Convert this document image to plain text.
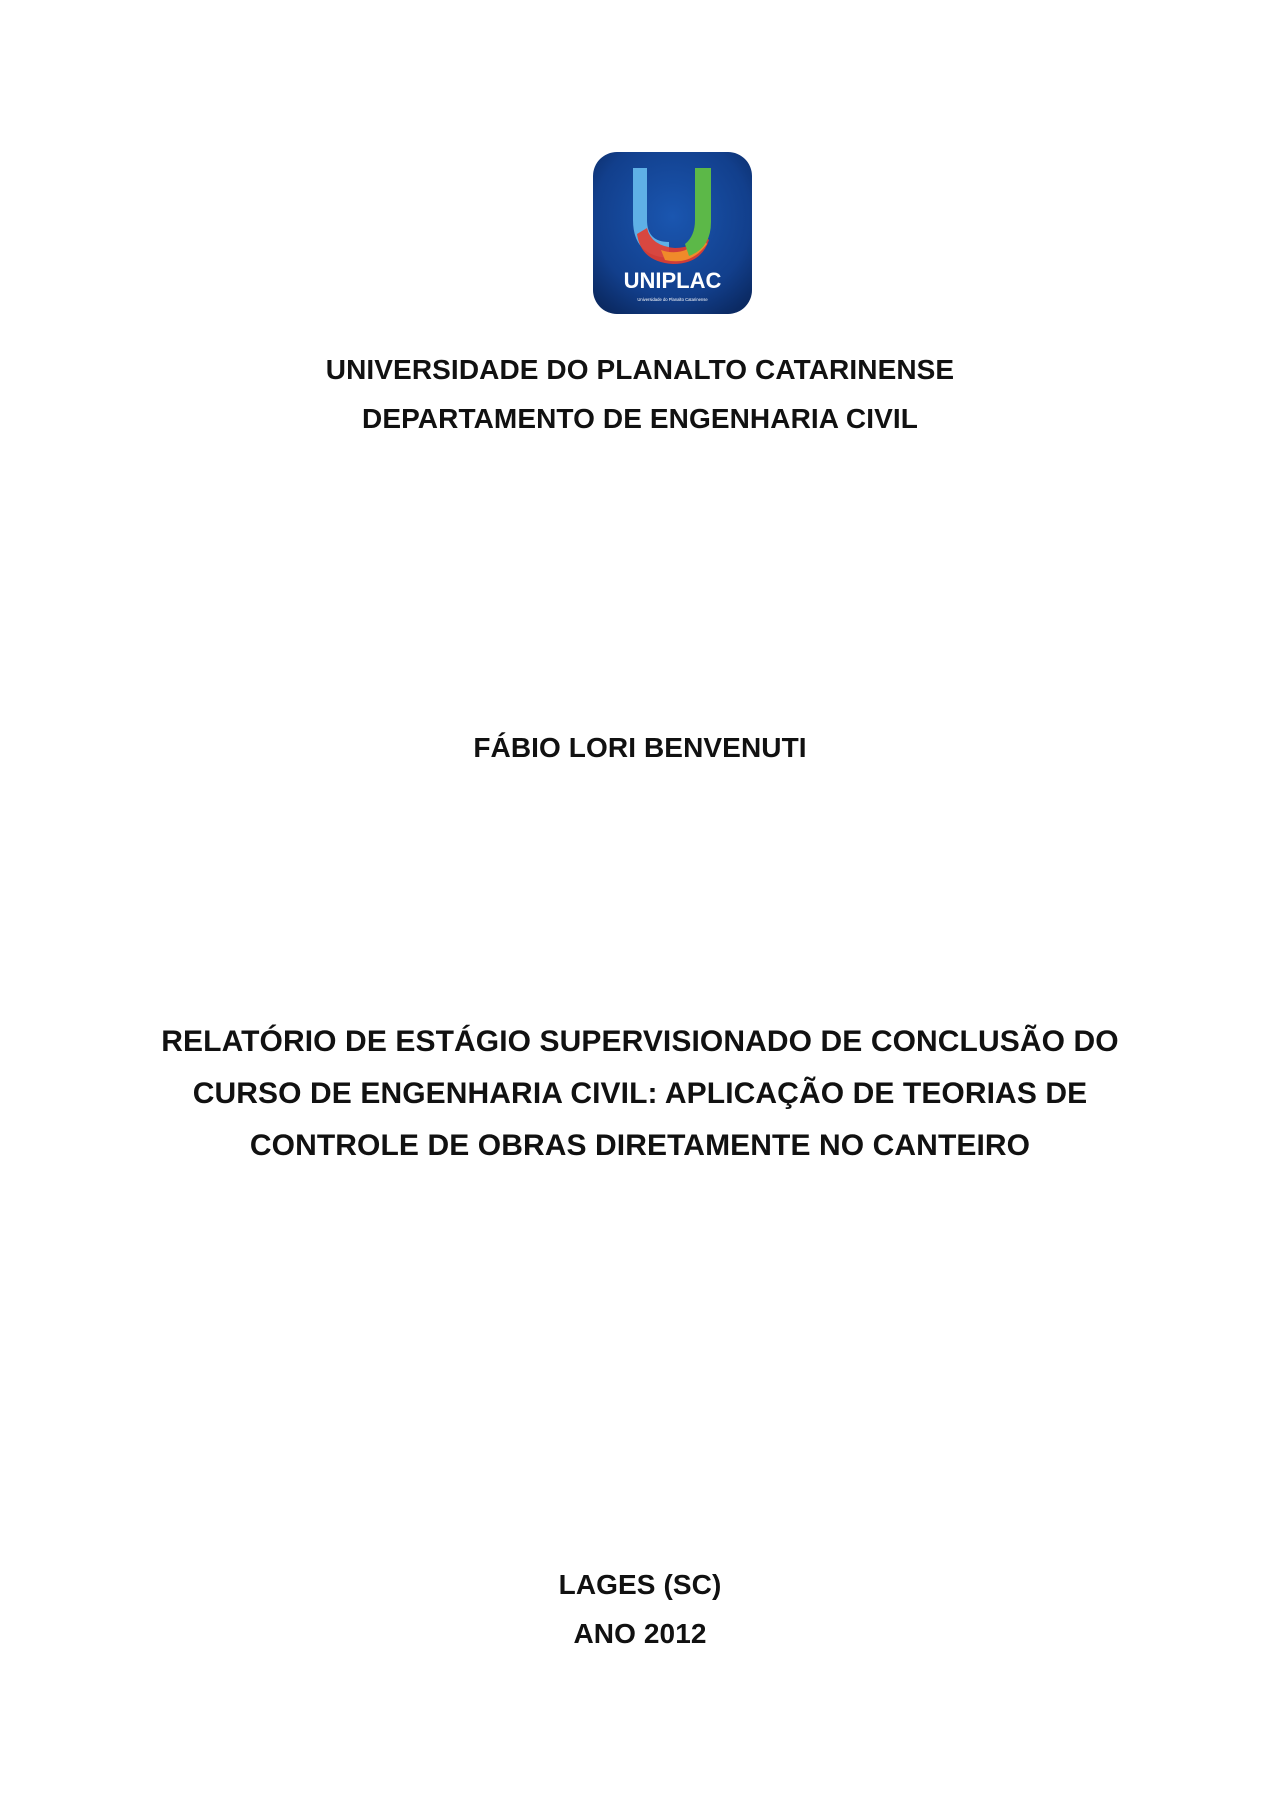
UNIPLAC
Universidade do Planalto Catarinense
UNIVERSIDADE DO PLANALTO CATARINENSE
DEPARTAMENTO DE ENGENHARIA CIVIL
FÁBIO LORI BENVENUTI
RELATÓRIO DE ESTÁGIO SUPERVISIONADO DE CONCLUSÃO DO
CURSO DE ENGENHARIA CIVIL: APLICAÇÃO DE TEORIAS DE
CONTROLE DE OBRAS DIRETAMENTE NO CANTEIRO
LAGES (SC)
ANO 2012
